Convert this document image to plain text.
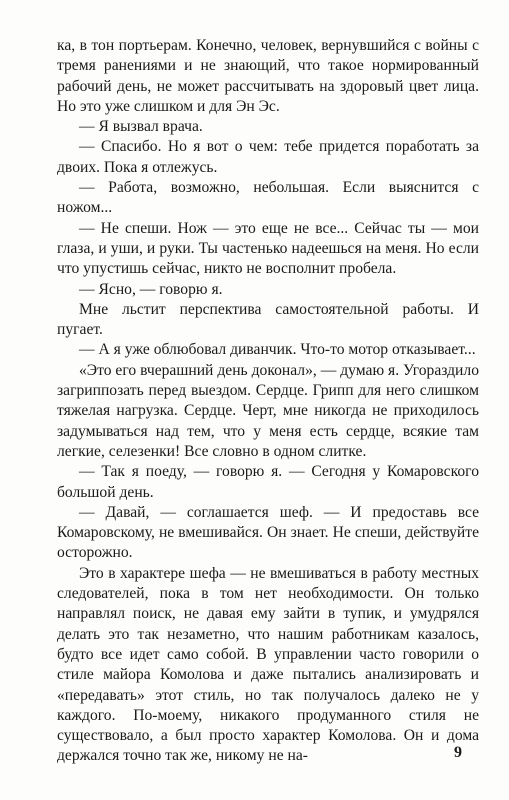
ка, в тон портьерам. Конечно, человек, вернувшийся с войны с тремя ранениями и не знающий, что такое нормированный рабочий день, не может рассчитывать на здоровый цвет лица. Но это уже слишком и для Эн Эс.

— Я вызвал врача.

— Спасибо. Но я вот о чем: тебе придется поработать за двоих. Пока я отлежусь.

— Работа, возможно, небольшая. Если выяснится с ножом...

— Не спеши. Нож — это еще не все... Сейчас ты — мои глаза, и уши, и руки. Ты частенько надеешься на меня. Но если что упустишь сейчас, никто не восполнит пробела.

— Ясно, — говорю я.

Мне льстит перспектива самостоятельной работы. И пугает.

— А я уже облюбовал диванчик. Что-то мотор отказывает...

«Это его вчерашний день доконал», — думаю я. Угораздило загриппозать перед выездом. Сердце. Грипп для него слишком тяжелая нагрузка. Сердце. Черт, мне никогда не приходилось задумываться над тем, что у меня есть сердце, всякие там легкие, селезенки! Все словно в одном слитке.

— Так я поеду, — говорю я. — Сегодня у Комаровского большой день.

— Давай, — соглашается шеф. — И предоставь все Комаровскому, не вмешивайся. Он знает. Не спеши, действуйте осторожно.

Это в характере шефа — не вмешиваться в работу местных следователей, пока в том нет необходимости. Он только направлял поиск, не давая ему зайти в тупик, и умудрялся делать это так незаметно, что нашим работникам казалось, будто все идет само собой. В управлении часто говорили о стиле майора Комолова и даже пытались анализировать и «передавать» этот стиль, но так получалось далеко не у каждого. По-моему, никакого продуманного стиля не существовало, а был просто характер Комолова. Он и дома держался точно так же, никому не на-	9
